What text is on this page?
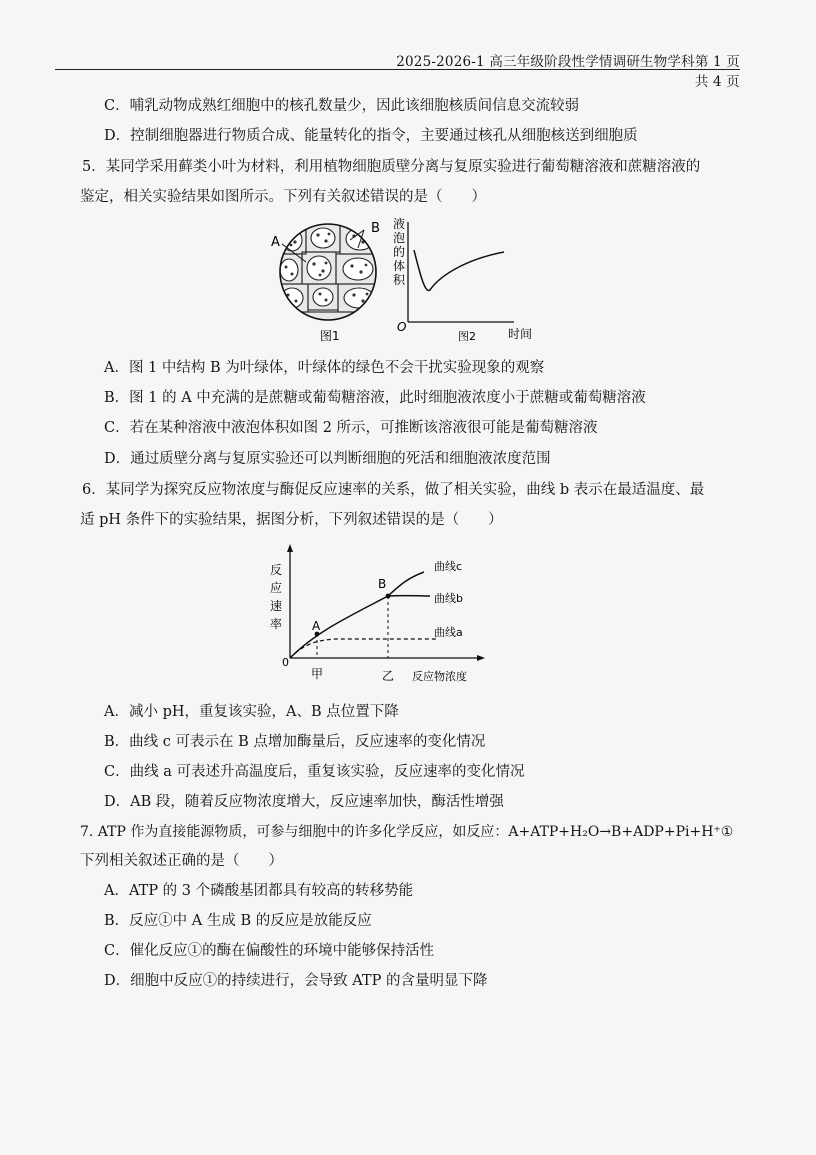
2025-2026-1 高三年级阶段性学情调研生物学科第 1 页 共 4 页
C．哺乳动物成熟红细胞中的核孔数量少，因此该细胞核质间信息交流较弱
D．控制细胞器进行物质合成、能量转化的指令，主要通过核孔从细胞核送到细胞质
5．某同学采用藓类小叶为材料，利用植物细胞质壁分离与复原实验进行葡萄糖溶液和蔗糖溶液的
鉴定，相关实验结果如图所示。下列有关叙述错误的是（　　）
A
B
图1
液
泡
的
体
积
O
图2	时间
A．图 1 中结构 B 为叶绿体，叶绿体的绿色不会干扰实验现象的观察
B．图 1 的 A 中充满的是蔗糖或葡萄糖溶液，此时细胞液浓度小于蔗糖或葡萄糖溶液
C．若在某种溶液中液泡体积如图 2 所示，可推断该溶液很可能是葡萄糖溶液
D．通过质壁分离与复原实验还可以判断细胞的死活和细胞液浓度范围
6．某同学为探究反应物浓度与酶促反应速率的关系，做了相关实验，曲线 b 表示在最适温度、最
适 pH 条件下的实验结果，据图分析，下列叙述错误的是（　　）
反
应
速
率
0
A
B
曲线c
曲线b
曲线a
甲	乙 反应物浓度
A．减小 pH，重复该实验，A、B 点位置下降
B．曲线 c 可表示在 B 点增加酶量后，反应速率的变化情况
C．曲线 a 可表述升高温度后，重复该实验，反应速率的变化情况
D．AB 段，随着反应物浓度增大，反应速率加快，酶活性增强
7. ATP 作为直接能源物质，可参与细胞中的许多化学反应，如反应：A+ATP+H₂O→B+ADP+Pi+H⁺①
下列相关叙述正确的是（　　）
A．ATP 的 3 个磷酸基团都具有较高的转移势能
B．反应①中 A 生成 B 的反应是放能反应
C．催化反应①的酶在偏酸性的环境中能够保持活性
D．细胞中反应①的持续进行，会导致 ATP 的含量明显下降
